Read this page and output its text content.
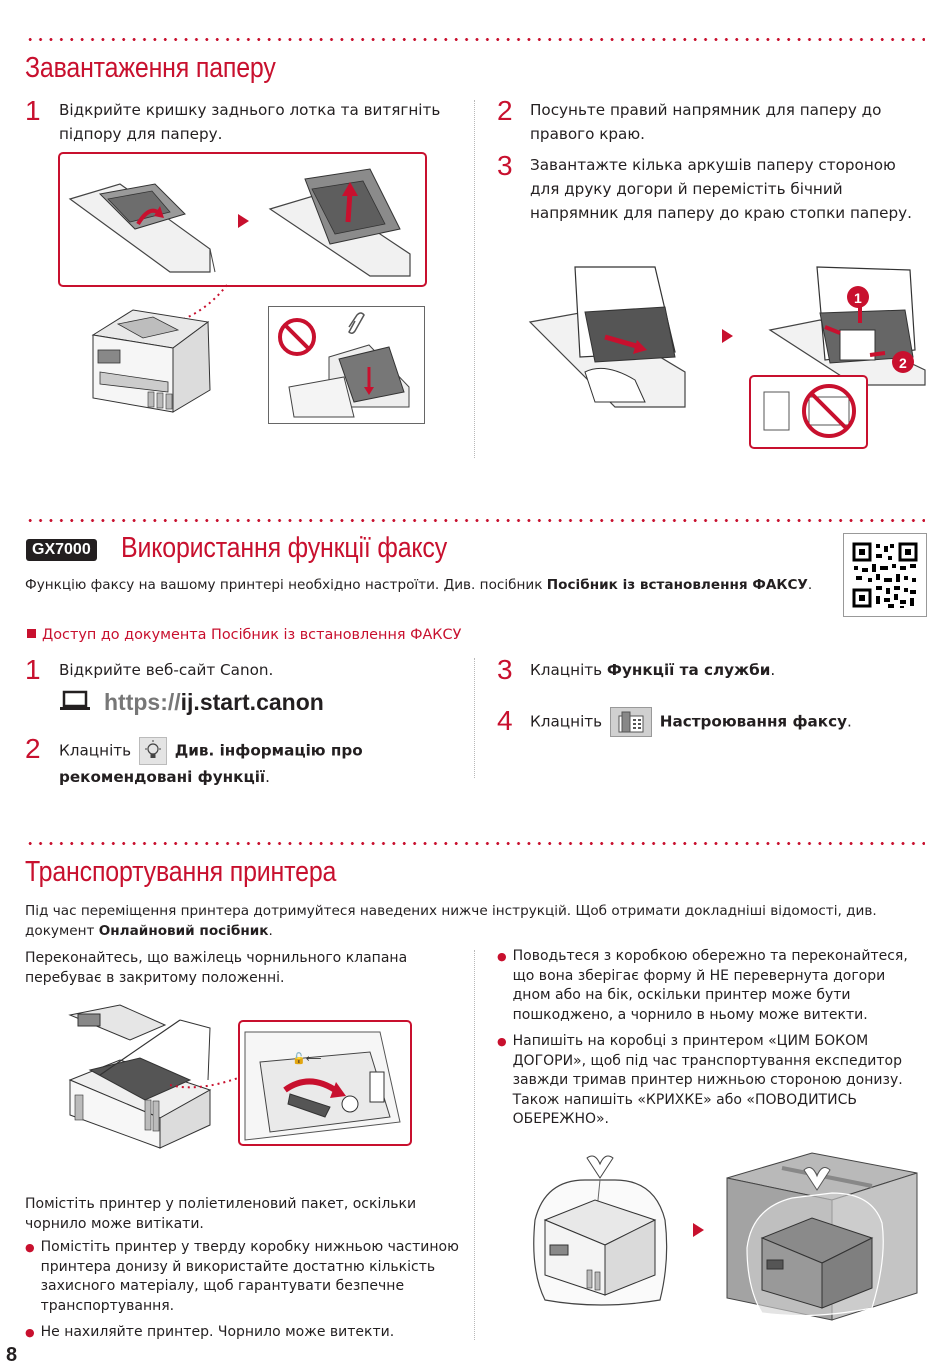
Завантаження паперу
1 Відкрийте кришку заднього лотка та витягніть підпору для паперу.
2 Посуньте правий напрямник для паперу до правого краю.
3 Завантажте кілька аркушів паперу стороною для друку догори й перемістіть бічний напрямник для паперу до краю стопки паперу.
1
2
GX7000 Використання функції факсу
Функцію факсу на вашому принтері необхідно настроїти. Див. посібник Посібник із встановлення ФАКСУ.
Доступ до документа Посібник із встановлення ФАКСУ
1 Відкрийте веб-сайт Canon.
https://ij.start.canon
2 Клацніть	Див. інформацію про рекомендовані функції.
3 Клацніть Функції та служби.
4 Клацніть	Настроювання факсу.
Транспортування принтера
Під час переміщення принтера дотримуйтеся наведених нижче інструкцій. Щоб отримати докладніші відомості, див.
документ Онлайновий посібник.
Переконайтесь, що важілець чорнильного клапана
перебуває в закритому положенні.
🔓⟵
Помістіть принтер у поліетиленовий пакет, оскільки
чорнило може витікати.
● Помістіть принтер у тверду коробку нижньою частиною принтера донизу й використайте достатню кількість захисного матеріалу, щоб гарантувати безпечне транспортування.
● Не нахиляйте принтер. Чорнило може витекти.
● Поводьтеся з коробкою обережно та переконайтеся, що вона зберігає форму й НЕ перевернута догори дном або на бік, оскільки принтер може бути пошкоджено, а чорнило в ньому може витекти.
● Напишіть на коробці з принтером «ЦИМ БОКОМ ДОГОРИ», щоб під час транспортування експедитор завжди тримав принтер нижньою стороною донизу. Також напишіть «КРИХКЕ» або «ПОВОДИТИСЬ ОБЕРЕЖНО».
8
